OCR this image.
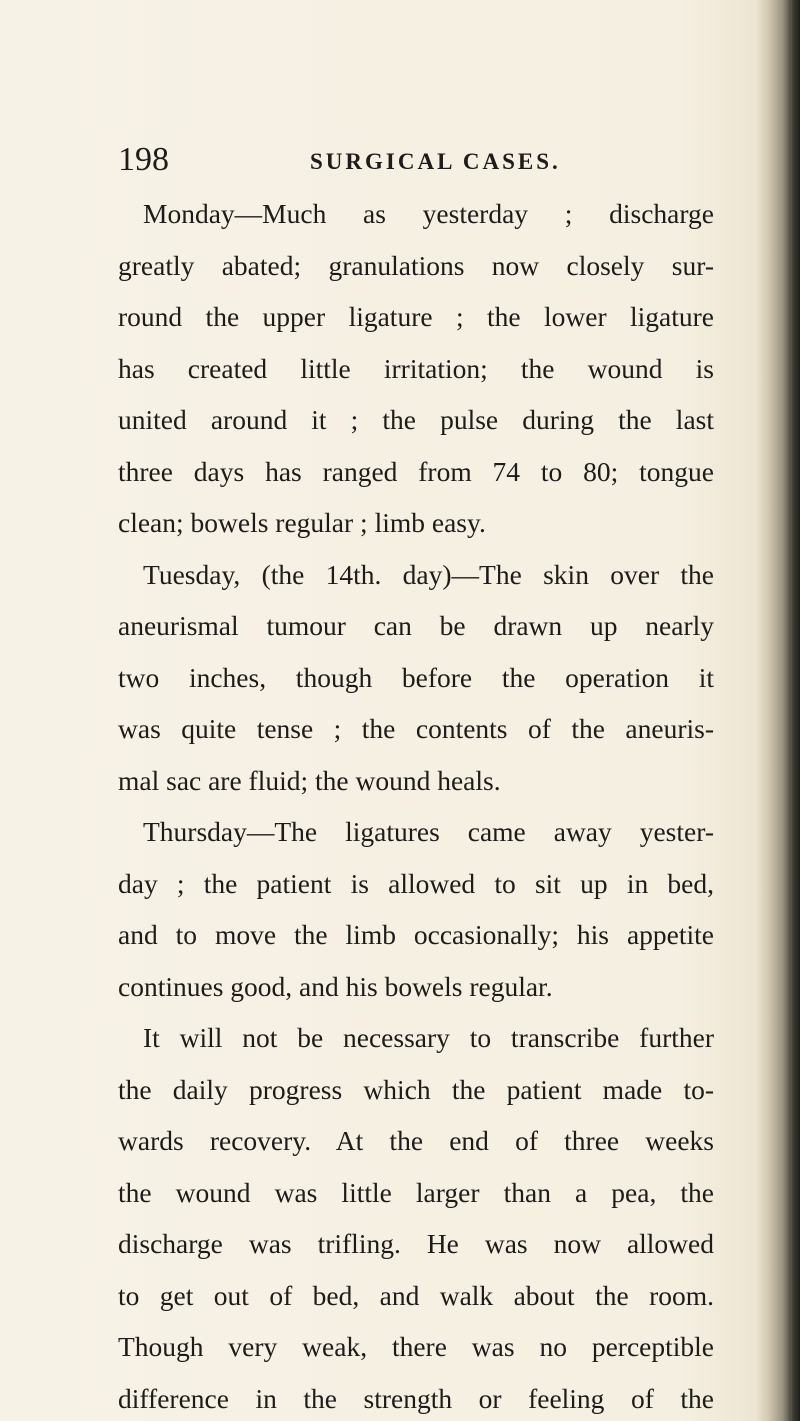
198	SURGICAL CASES.
Monday—Much as yesterday ; discharge
greatly abated; granulations now closely sur-
round the upper ligature ; the lower ligature
has created little irritation; the wound is
united around it ; the pulse during the last
three days has ranged from 74 to 80; tongue
clean; bowels regular ; limb easy.
Tuesday, (the 14th. day)—The skin over the
aneurismal tumour can be drawn up nearly
two inches, though before the operation it
was quite tense ; the contents of the aneuris-
mal sac are fluid; the wound heals.
Thursday—The ligatures came away yester-
day ; the patient is allowed to sit up in bed,
and to move the limb occasionally; his appetite
continues good, and his bowels regular.
It will not be necessary to transcribe further
the daily progress which the patient made to-
wards recovery. At the end of three weeks
the wound was little larger than a pea, the
discharge was trifling. He was now allowed
to get out of bed, and walk about the room.
Though very weak, there was no perceptible
difference in the strength or feeling of the
